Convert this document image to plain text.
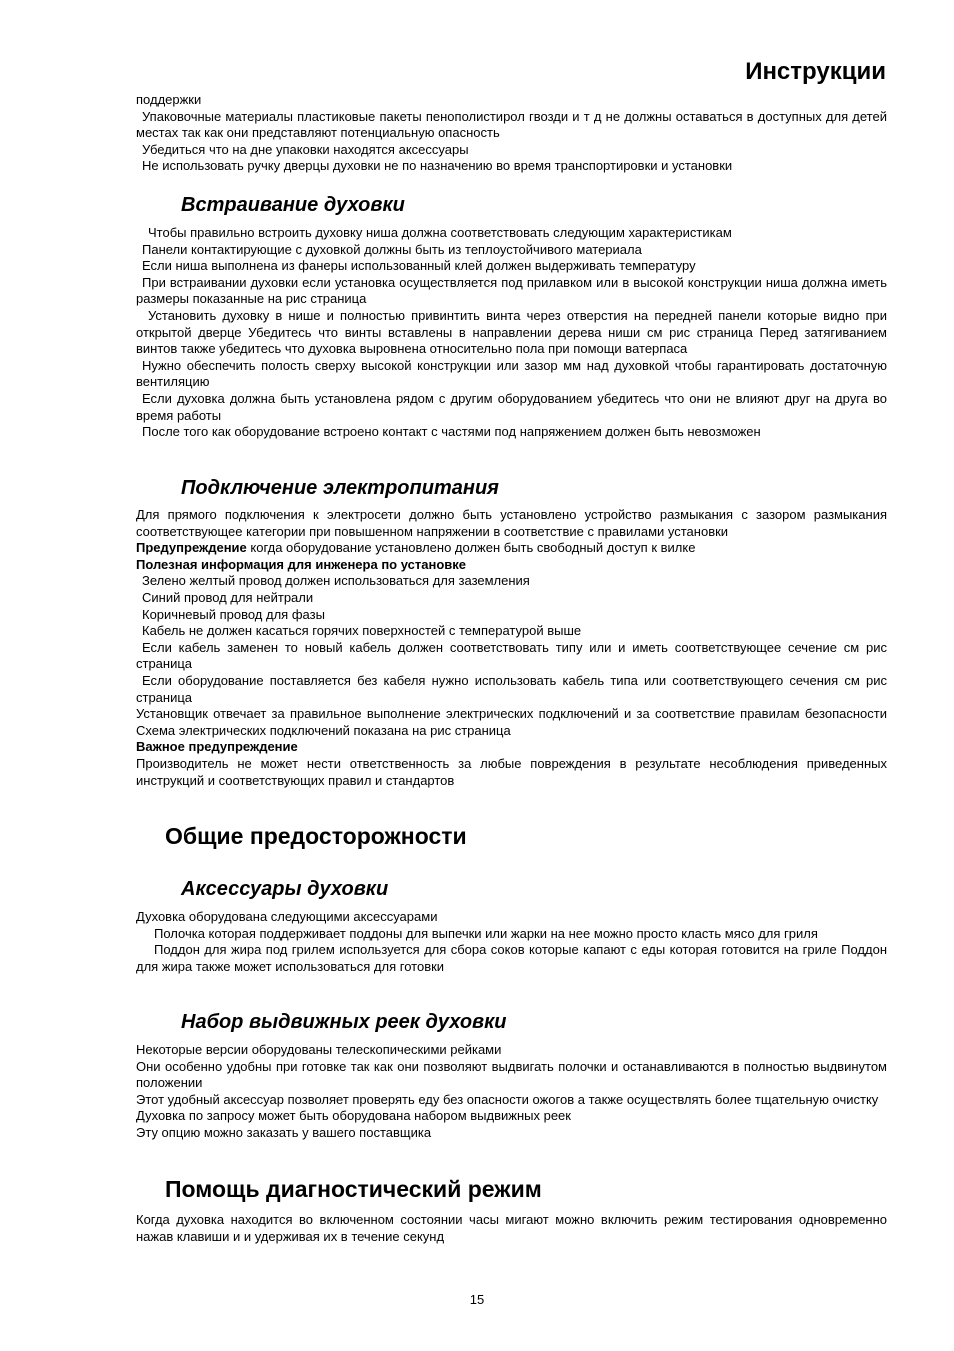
Инструкции

поддержки

Упаковочные материалы пластиковые пакеты пенополистирол гвозди и т д не должны оставаться в доступных для детей местах так как они представляют потенциальную опасность

Убедиться что на дне упаковки находятся аксессуары

Не использовать ручку дверцы духовки не по назначению во время транспортировки и установки

Встраивание духовки

Чтобы правильно встроить духовку ниша должна соответствовать следующим характеристикам

Панели контактирующие с духовкой должны быть из теплоустойчивого материала

Если ниша выполнена из фанеры использованный клей должен выдерживать температуру

При встраивании духовки если установка осуществляется под прилавком или в высокой конструкции ниша должна иметь размеры показанные на рис страница

Установить духовку в нише и полностью привинтить винта через отверстия на передней панели которые видно при открытой дверце Убедитесь что винты вставлены в направлении дерева ниши см рис страница Перед затягиванием винтов также убедитесь что духовка выровнена относительно пола при помощи ватерпаса

Нужно обеспечить полость сверху высокой конструкции или зазор мм над духовкой чтобы гарантировать достаточную вентиляцию

Если духовка должна быть установлена рядом с другим оборудованием убедитесь что они не влияют друг на друга во время работы

После того как оборудование встроено контакт с частями под напряжением должен быть невозможен

Подключение электропитания

Для прямого подключения к электросети должно быть установлено устройство размыкания с зазором размыкания соответствующее категории при повышенном напряжении в соответствие с правилами установки

Предупреждение когда оборудование установлено должен быть свободный доступ к вилке

Полезная информация для инженера по установке

Зелено желтый провод должен использоваться для заземления

Синий провод для нейтрали

Коричневый провод для фазы

Кабель не должен касаться горячих поверхностей с температурой выше

Если кабель заменен то новый кабель должен соответствовать типу или и иметь соответствующее сечение см рис страница

Если оборудование поставляется без кабеля нужно использовать кабель типа или соответствующего сечения см рис страница

Установщик отвечает за правильное выполнение электрических подключений и за соответствие правилам безопасности Схема электрических подключений показана на рис страница

Важное предупреждение

Производитель не может нести ответственность за любые повреждения в результате несоблюдения приведенных инструкций и соответствующих правил и стандартов

Общие предосторожности
Аксессуары духовки

Духовка оборудована следующими аксессуарами

Полочка которая поддерживает поддоны для выпечки или жарки на нее можно просто класть мясо для гриля

Поддон для жира под грилем используется для сбора соков которые капают с еды которая готовится на гриле Поддон для жира также может использоваться для готовки

Набор выдвижных реек духовки

Некоторые версии оборудованы телескопическими рейками

Они особенно удобны при готовке так как они позволяют выдвигать полочки и останавливаются в полностью выдвинутом положении

Этот удобный аксессуар позволяет проверять еду без опасности ожогов а также осуществлять более тщательную очистку

Духовка по запросу может быть оборудована набором выдвижных реек

Эту опцию можно заказать у вашего поставщика

Помощь диагностический режим

Когда духовка находится во включенном состоянии часы мигают можно включить режим тестирования одновременно нажав клавиши и и удерживая их в течение секунд

15
